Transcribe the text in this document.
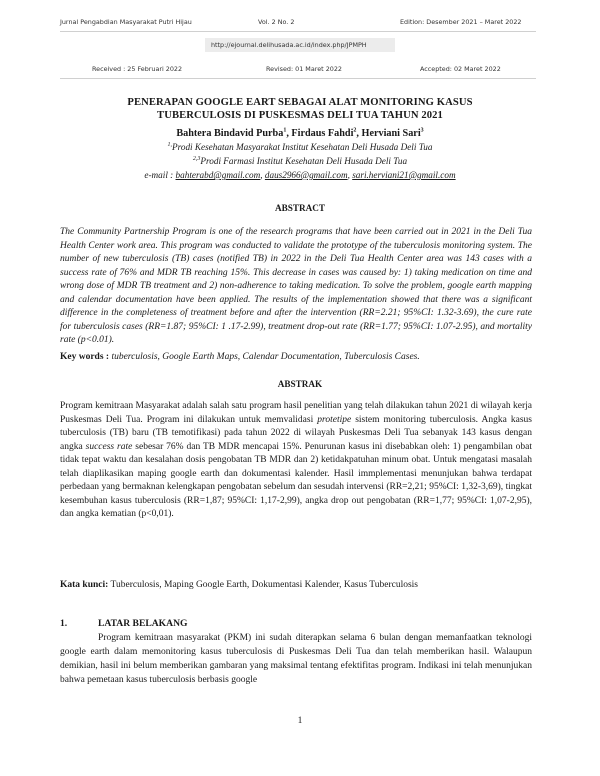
Jurnal Pengabdian Masyarakat Putri Hijau	Vol. 2 No. 2	Edition: Desember 2021 – Maret 2022
http://ejournal.delihusada.ac.id/index.php/JPMPH
Received : 25 Februari 2022	Revised: 01 Maret 2022	Accepted: 02 Maret 2022
PENERAPAN GOOGLE EART SEBAGAI ALAT MONITORING KASUS
TUBERCULOSIS DI PUSKESMAS DELI TUA TAHUN 2021
Bahtera Bindavid Purba$^1$, Firdaus Fahdi$^2$, Herviani Sari$^3$
$^{1,}$Prodi Kesehatan Masyarakat Institut Kesehatan Deli Husada Deli Tua
$^{2,3}$Prodi Farmasi Institut Kesehatan Deli Husada Deli Tua
e-mail : bahterabd@gmail.com, daus2966@gmail.com, sari.herviani21@gmail.com
ABSTRACT
The Community Partnership Program is one of the research programs that have been carried out in 2021 in the Deli Tua Health Center work area. This program was conducted to validate the prototype of the tuberculosis monitoring system. The number of new tuberculosis (TB) cases (notified TB) in 2022 in the Deli Tua Health Center area was 143 cases with a success rate of 76% and MDR TB reaching 15%. This decrease in cases was caused by: 1) taking medication on time and wrong dose of MDR TB treatment and 2) non-adherence to taking medication. To solve the problem, google earth mapping and calendar documentation have been applied. The results of the implementation showed that there was a significant difference in the completeness of treatment before and after the intervention (RR=2.21; 95%CI: 1.32-3.69), the cure rate for tuberculosis cases (RR=1.87; 95%CI: 1 .17-2.99), treatment drop-out rate (RR=1.77; 95%CI: 1.07-2.95), and mortality rate (p<0.01).
Key words : tuberculosis, Google Earth Maps, Calendar Documentation, Tuberculosis Cases.
ABSTRAK
Program kemitraan Masyarakat adalah salah satu program hasil penelitian yang telah dilakukan tahun 2021 di wilayah kerja Puskesmas Deli Tua. Program ini dilakukan untuk memvalidasi protetipe sistem monitoring tuberculosis. Angka kasus tuberculosis (TB) baru (TB temotifikasi) pada tahun 2022 di wilayah Puskesmas Deli Tua sebanyak 143 kasus dengan angka success rate sebesar 76% dan TB MDR mencapai 15%. Penurunan kasus ini disebabkan oleh: 1) pengambilan obat tidak tepat waktu dan kesalahan dosis pengobatan TB MDR dan 2) ketidakpatuhan minum obat. Untuk mengatasi masalah telah diaplikasikan maping google earth dan dokumentasi kalender. Hasil immplementasi menunjukan bahwa terdapat perbedaan yang bermaknan kelengkapan pengobatan sebelum dan sesudah intervensi (RR=2,21; 95%CI: 1,32-3,69), tingkat kesembuhan kasus tuberculosis (RR=1,87; 95%CI: 1,17-2,99), angka drop out pengobatan (RR=1,77; 95%CI: 1,07-2,95), dan angka kematian (p<0,01).
Kata kunci: Tuberculosis, Maping Google Earth, Dokumentasi Kalender, Kasus Tuberculosis
1.	LATAR BELAKANG
Program kemitraan masyarakat (PKM) ini sudah diterapkan selama 6 bulan dengan memanfaatkan teknologi google earth dalam memonitoring kasus tuberculosis di Puskesmas Deli Tua dan telah memberikan hasil. Walaupun demikian, hasil ini belum memberikan gambaran yang maksimal tentang efektifitas program. Indikasi ini telah menunjukan bahwa pemetaan kasus tuberculosis berbasis google
1
